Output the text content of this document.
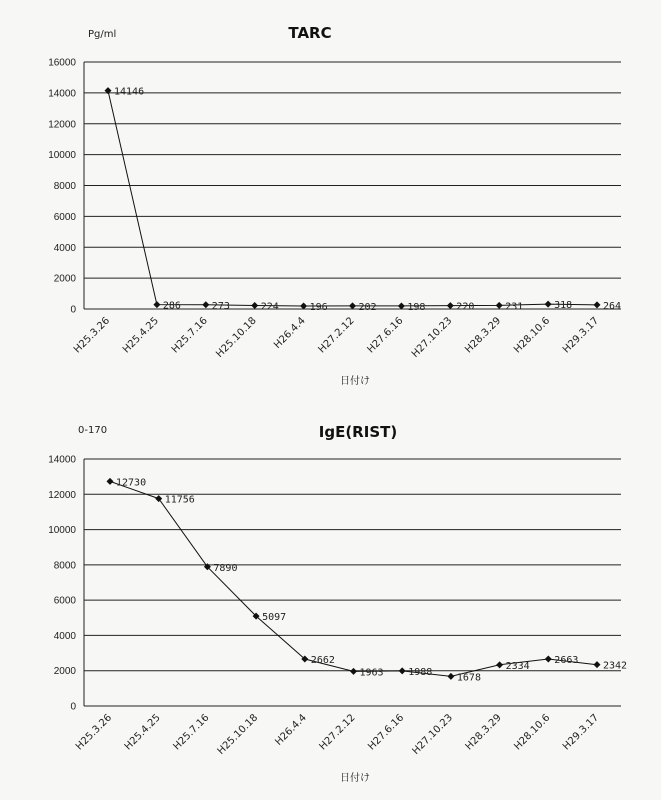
TARC
Pg/ml
日付け
0
2000
4000
6000
8000
10000
12000
14000
16000
H25.3.26 H25.4.25 H25.7.16 H25.10.18 H26.4.4 H27.2.12 H27.6.16 H27.10.23 H28.3.29 H28.10.6 H29.3.17
14146
286	273	224	196	202	198	220	231	318	264
IgE(RIST)
0-170
日付け
0
2000
4000
6000
8000
10000
12000
14000
H25.3.26 H25.4.25 H25.7.16 H25.10.18 H26.4.4 H27.2.12 H27.6.16 H27.10.23 H28.3.29 H28.10.6 H29.3.17
12730
11756
7890
5097
2662
1963 1988 1678
2334
2663
2342
